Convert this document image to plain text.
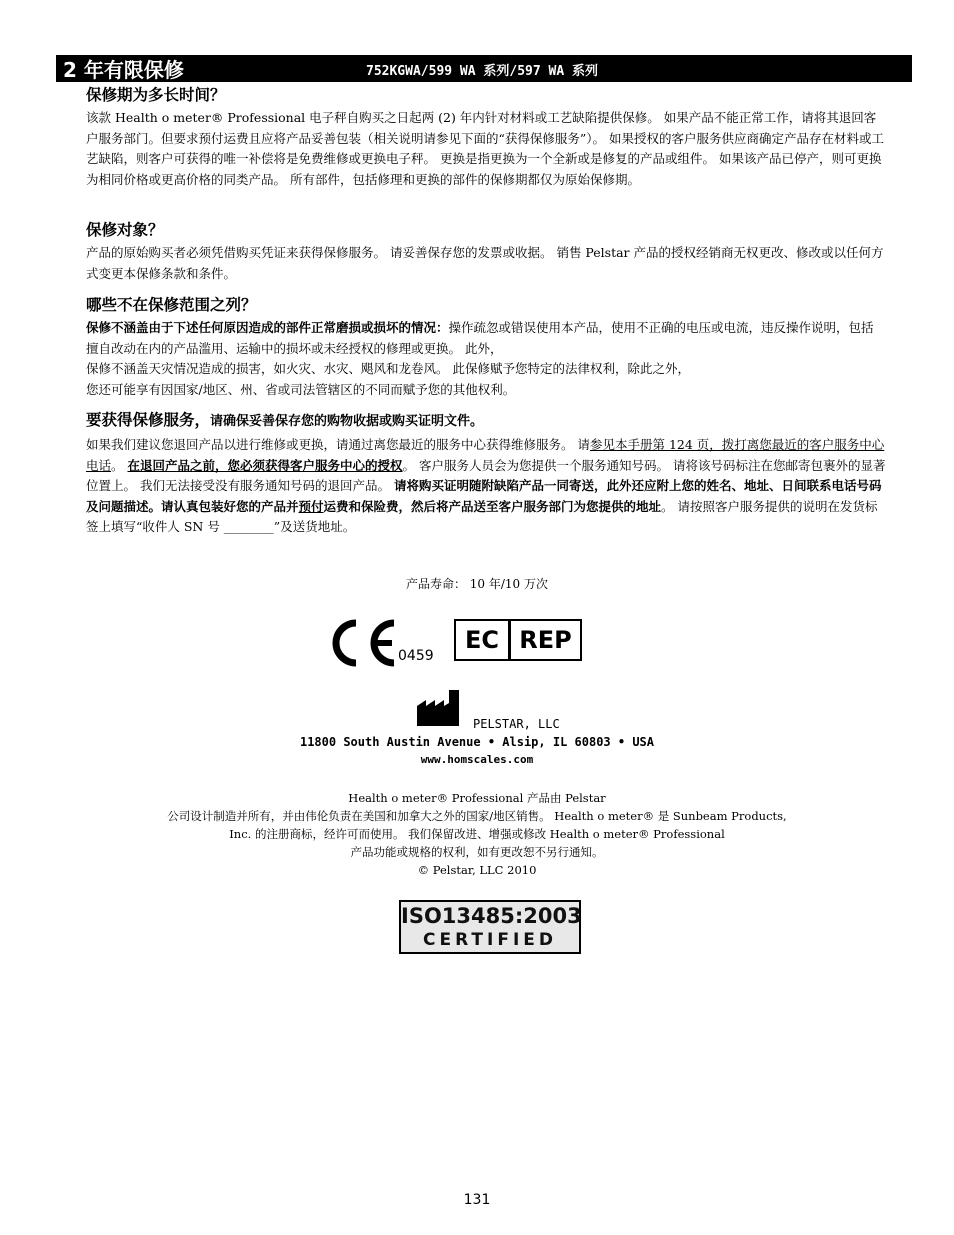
2 年有限保修	752KGWA/599 WA 系列/597 WA 系列
保修期为多长时间？

该款 Health o meter® Professional 电子秤自购买之日起两 (2) 年内针对材料或工艺缺陷提供保修。 如果产品不能正常工作，请将其退回客户服务部门。但要求预付运费且应将产品妥善包装（相关说明请参见下面的“获得保修服务”）。 如果授权的客户服务供应商确定产品存在材料或工艺缺陷，则客户可获得的唯一补偿将是免费维修或更换电子秤。 更换是指更换为一个全新或是修复的产品或组件。 如果该产品已停产，则可更换为相同价格或更高价格的同类产品。 所有部件，包括修理和更换的部件的保修期都仅为原始保修期。

保修对象？

产品的原始购买者必须凭借购买凭证来获得保修服务。 请妥善保存您的发票或收据。 销售 Pelstar 产品的授权经销商无权更改、修改或以任何方式变更本保修条款和条件。

哪些不在保修范围之列？

保修不涵盖由于下述任何原因造成的部件正常磨损或损坏的情况：操作疏忽或错误使用本产品，使用不正确的电压或电流，违反操作说明，包括擅自改动在内的产品滥用、运输中的损坏或未经授权的修理或更换。 此外，
保修不涵盖天灾情况造成的损害，如火灾、水灾、飓风和龙卷风。 此保修赋予您特定的法律权利，除此之外，
您还可能享有因国家/地区、州、省或司法管辖区的不同而赋予您的其他权利。

要获得保修服务，请确保妥善保存您的购物收据或购买证明文件。

如果我们建议您退回产品以进行维修或更换，请通过离您最近的服务中心获得维修服务。 请参见本手册第 124 页，拨打离您最近的客户服务中心电话。 在退回产品之前，您必须获得客户服务中心的授权。 客户服务人员会为您提供一个服务通知号码。 请将该号码标注在您邮寄包裹外的显著位置上。 我们无法接受没有服务通知号码的退回产品。 请将购买证明随附缺陷产品一同寄送，此外还应附上您的姓名、地址、日间联系电话号码及问题描述。请认真包装好您的产品并预付运费和保险费，然后将产品送至客户服务部门为您提供的地址。 请按照客户服务提供的说明在发货标签上填写“收件人 SN 号 ________”及送货地址。

产品寿命： 10 年/10 万次
0459
EC REP
PELSTAR, LLC
11800 South Austin Avenue • Alsip, IL 60803 • USA
www.homscales.com
Health o meter® Professional 产品由 Pelstar
公司设计制造并所有，并由伟伦负责在美国和加拿大之外的国家/地区销售。 Health o meter® 是 Sunbeam Products,
Inc. 的注册商标，经许可而使用。 我们保留改进、增强或修改 Health o meter® Professional
产品功能或规格的权利，如有更改恕不另行通知。
© Pelstar, LLC 2010
ISO13485:2003
CERTIFIED
131
